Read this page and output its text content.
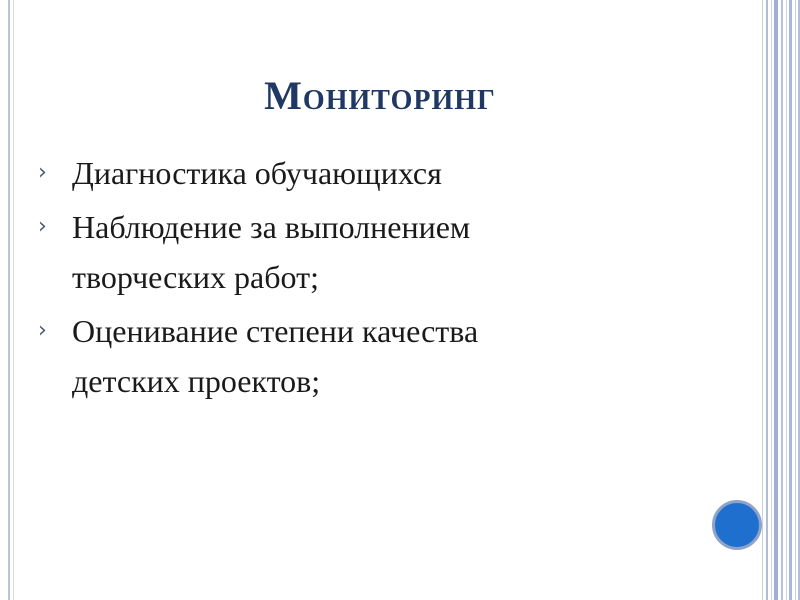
Мониторинг
› Диагностика обучающихся
› Наблюдение за выполнением
творческих работ;
› Оценивание степени качества
детских проектов;
